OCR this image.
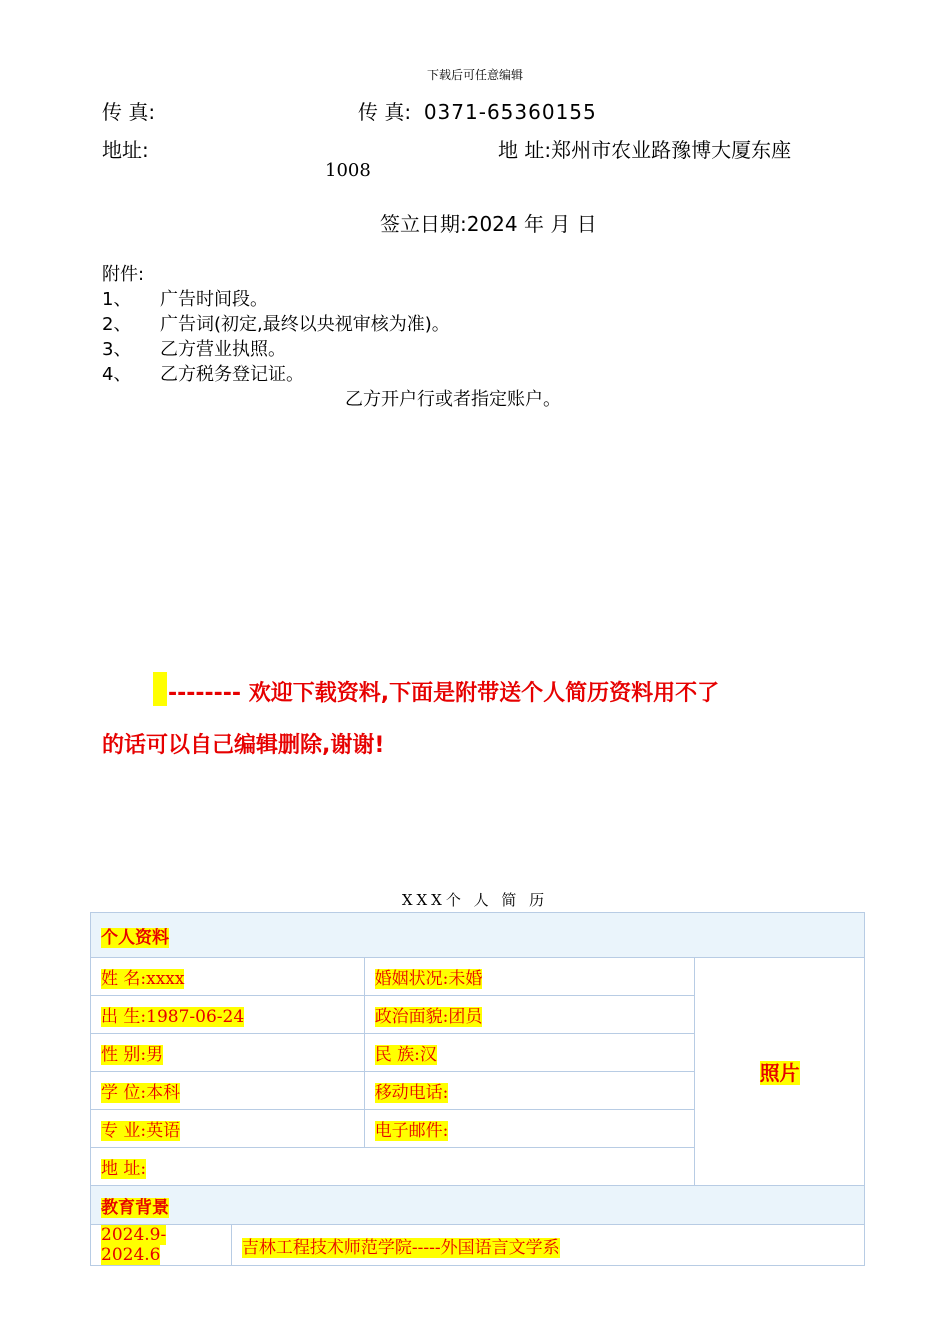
下载后可任意编辑
传 真:	传 真: 0371-65360155
地址:	地 址:郑州市农业路豫博大厦东座
1008
签立日期:2024 年 月 日
附件:
1、 广告时间段。
2、 广告词(初定,最终以央视审核为准)。
3、 乙方营业执照。
4、 乙方税务登记证。
乙方开户行或者指定账户。
-------- 欢迎下载资料,下面是附带送个人简历资料用不了
的话可以自己编辑删除,谢谢!
XXX个 人 简 历
个人资料			
姓 名:xxxx		婚姻状况:未婚	照片
出 生:1987-06-24		政治面貌:团员	
性 别:男		民 族:汉	
学 位:本科		移动电话:	
专 业:英语		电子邮件:	
地 址:			
教育背景			
2024.9-2024.6	吉林工程技术师范学院-----外国语言文学系		
